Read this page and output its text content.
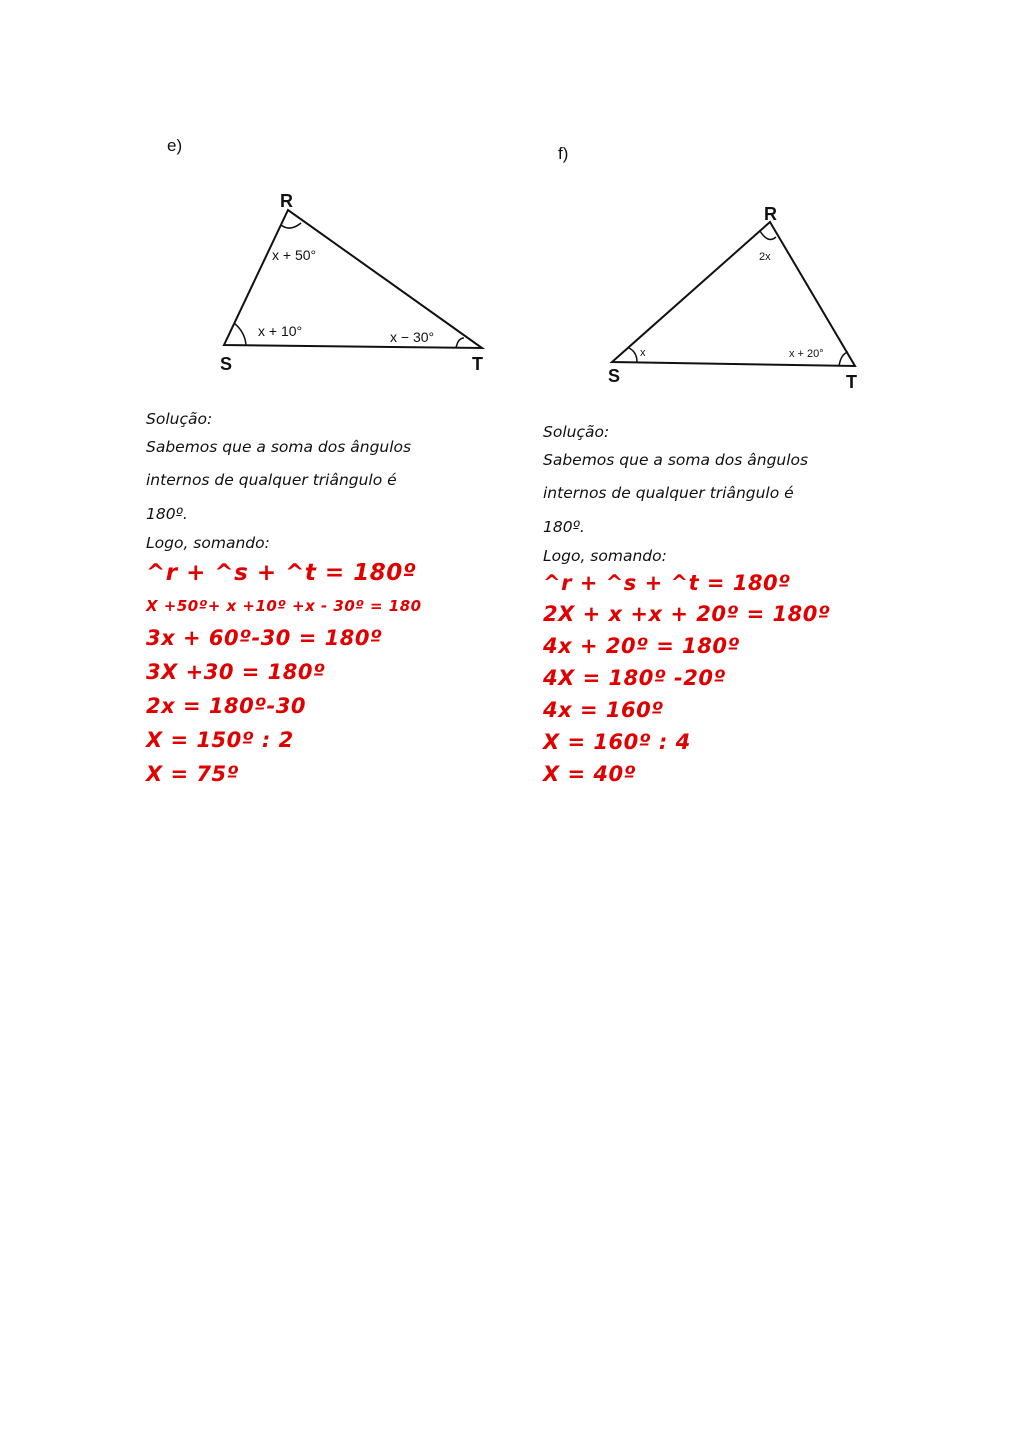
e)
R
S	T
x + 50°
x + 10°	x − 30°
f)
R
S	T
2x
x	x + 20°
Solução:
Sabemos que a soma dos ângulos
internos de qualquer triângulo é
180º.
Logo, somando:
^r + ^s + ^t = 180º
X +50º+ x +10º +x - 30º = 180
3x + 60º-30 = 180º
3X +30 = 180º
2x = 180º-30
X = 150º : 2
X = 75º
Solução:
Sabemos que a soma dos ângulos
internos de qualquer triângulo é
180º.
Logo, somando:
^r + ^s + ^t = 180º
2X + x +x + 20º = 180º
4x + 20º = 180º
4X = 180º -20º
4x = 160º
X = 160º : 4
X = 40º
